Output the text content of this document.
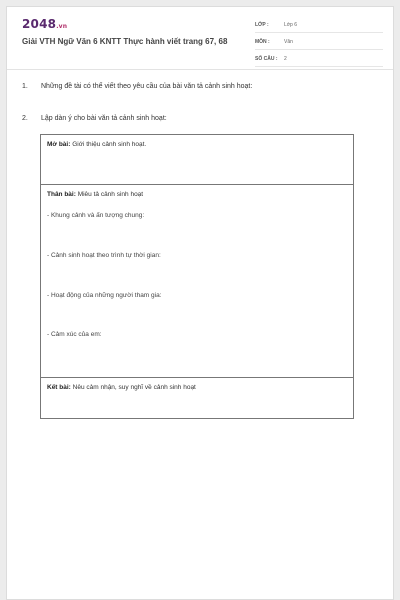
2048.vn
Giải VTH Ngữ Văn 6 KNTT Thực hành viết trang 67, 68
LỚP :	Lớp 6
MÔN :	Văn
SỐ CÂU :	2
1. Những đề tài có thể viết theo yêu cầu của bài văn tả cảnh sinh hoạt:
2. Lập dàn ý cho bài văn tả cảnh sinh hoạt:
Mở bài: Giới thiệu cảnh sinh hoạt.
Thân bài: Miêu tả cảnh sinh hoạt
- Khung cảnh và ấn tượng chung:
- Cảnh sinh hoạt theo trình tự thời gian:
- Hoạt động của những người tham gia:
- Cảm xúc của em:
Kết bài: Nêu cảm nhận, suy nghĩ về cảnh sinh hoạt
